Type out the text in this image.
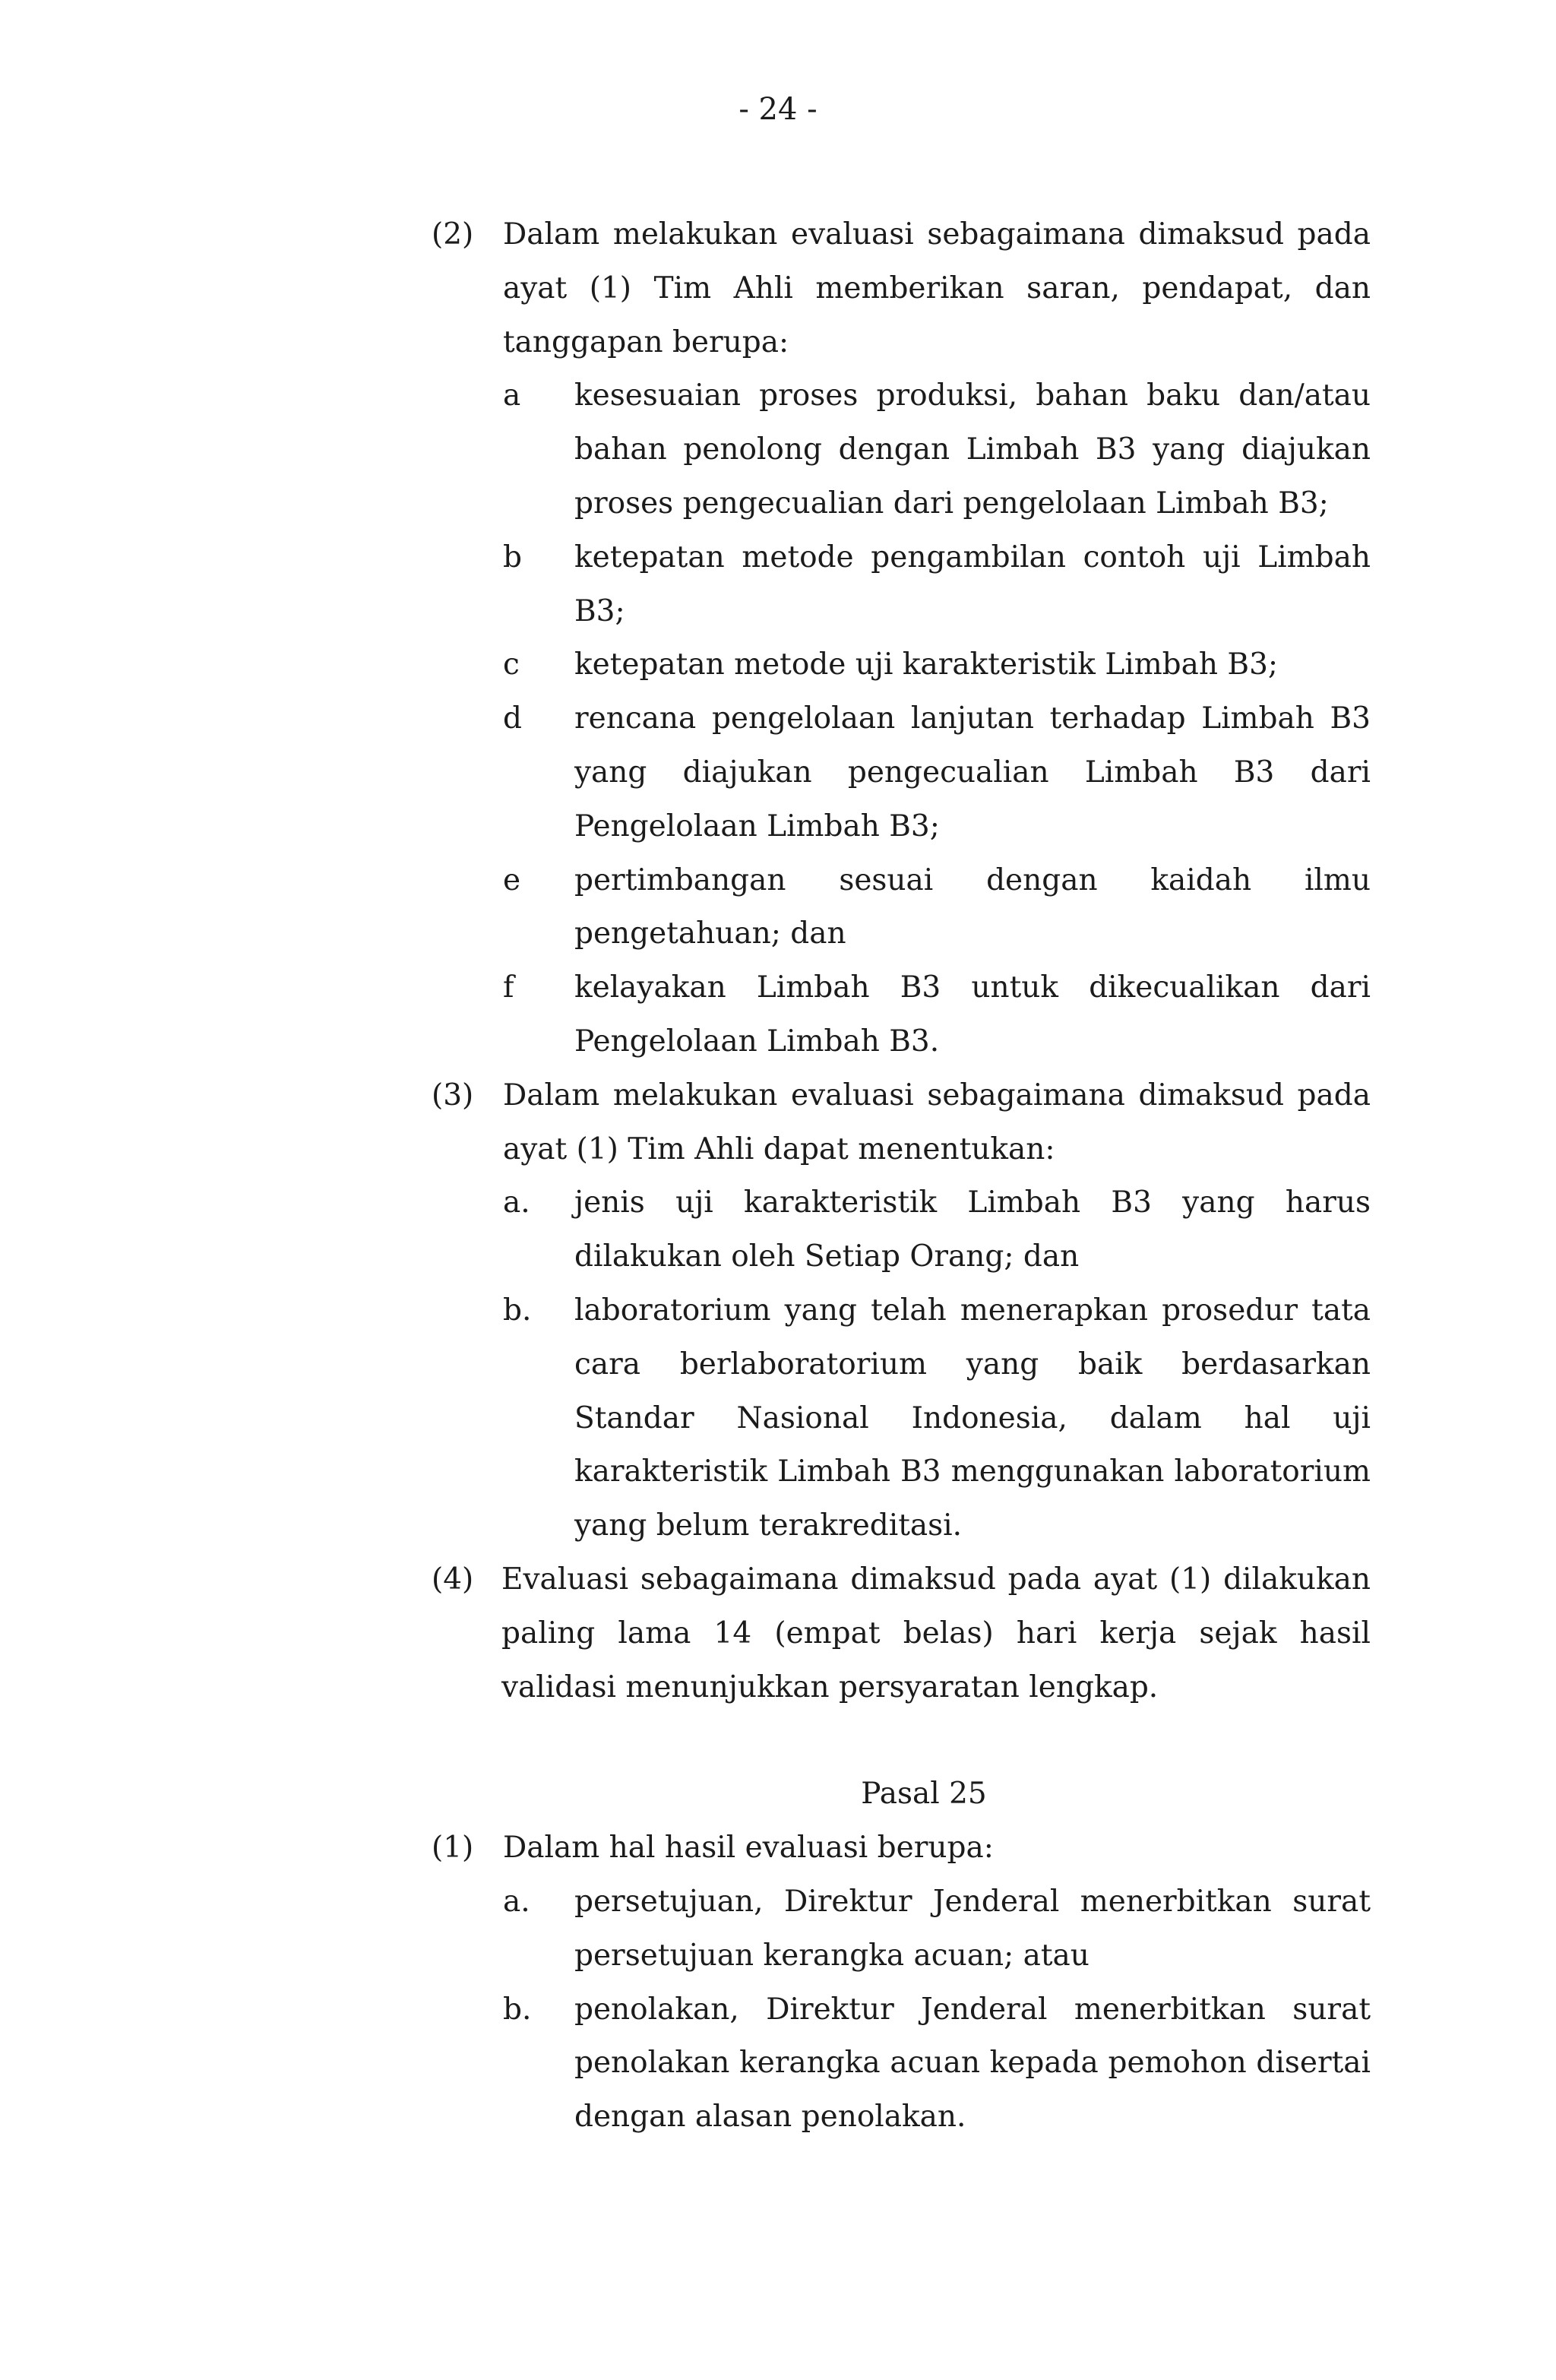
- 24 -
(2) Dalam melakukan evaluasi sebagaimana dimaksud pada ayat (1) Tim Ahli memberikan saran, pendapat, dan tanggapan berupa:
a	kesesuaian proses produksi, bahan baku dan/atau bahan penolong dengan Limbah B3 yang diajukan proses pengecualian dari pengelolaan Limbah B3;
b	ketepatan metode pengambilan contoh uji Limbah B3;
c	ketepatan metode uji karakteristik Limbah B3;
d	rencana pengelolaan lanjutan terhadap Limbah B3 yang diajukan pengecualian Limbah B3 dari Pengelolaan Limbah B3;
e	pertimbangan sesuai dengan kaidah ilmu pengetahuan; dan
f	kelayakan Limbah B3 untuk dikecualikan dari Pengelolaan Limbah B3.
(3) Dalam melakukan evaluasi sebagaimana dimaksud pada ayat (1) Tim Ahli dapat menentukan:
a.	jenis uji karakteristik Limbah B3 yang harus dilakukan oleh Setiap Orang; dan
b.	laboratorium yang telah menerapkan prosedur tata cara berlaboratorium yang baik berdasarkan Standar Nasional Indonesia, dalam hal uji karakteristik Limbah B3 menggunakan laboratorium yang belum terakreditasi.
(4) Evaluasi sebagaimana dimaksud pada ayat (1) dilakukan paling lama 14 (empat belas) hari kerja sejak hasil validasi menunjukkan persyaratan lengkap.
Pasal 25
(1) Dalam hal hasil evaluasi berupa:
a.	persetujuan, Direktur Jenderal menerbitkan surat persetujuan kerangka acuan; atau
b.	penolakan, Direktur Jenderal menerbitkan surat penolakan kerangka acuan kepada pemohon disertai dengan alasan penolakan.
